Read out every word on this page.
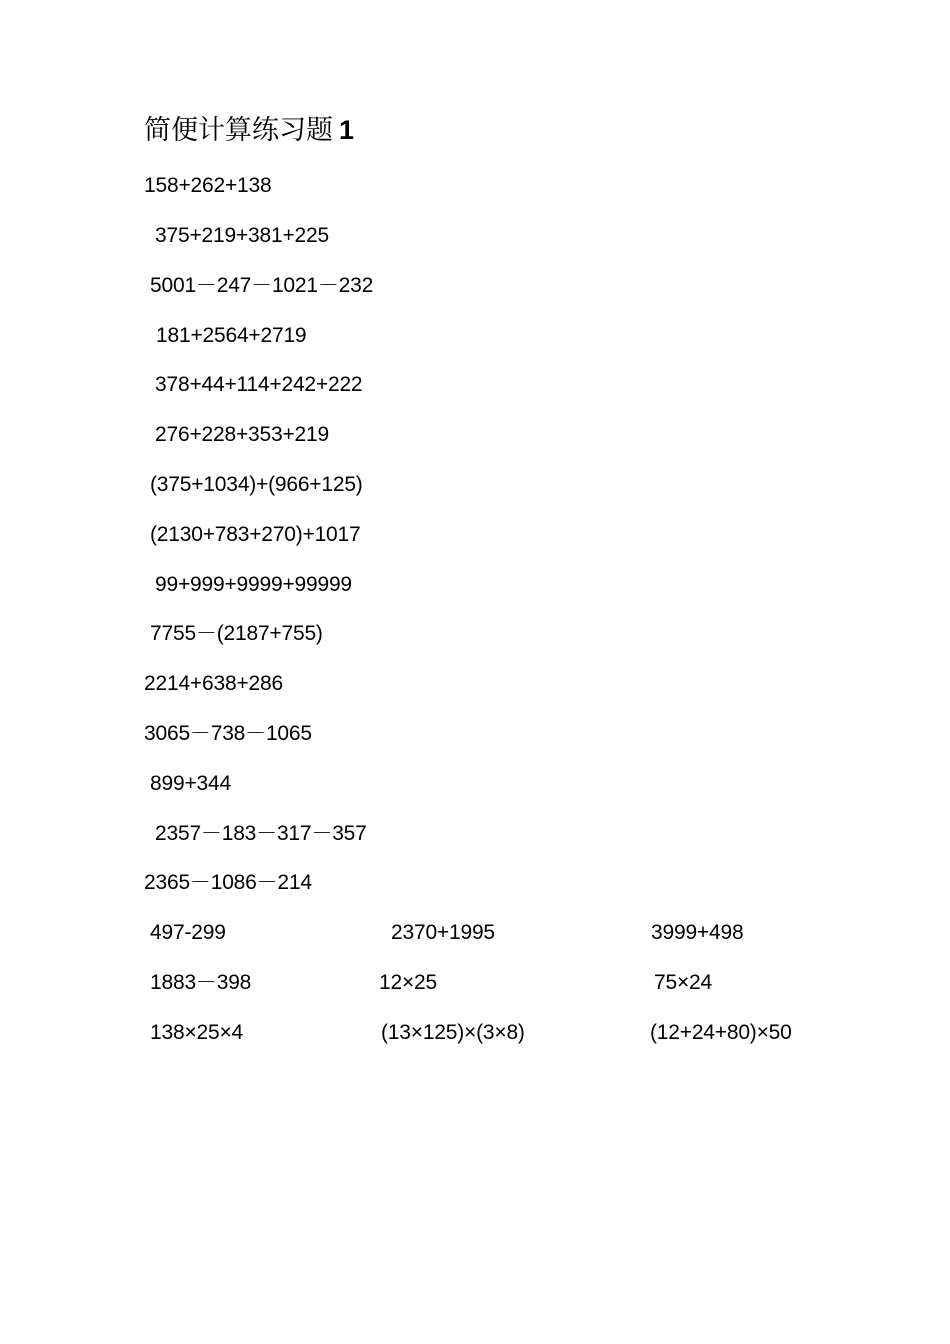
简便计算练习题 1
158+262+138
375+219+381+225
5001－247－1021－232
181+2564+2719
378+44+114+242+222
276+228+353+219
(375+1034)+(966+125)
(2130+783+270)+1017
99+999+9999+99999
7755－(2187+755)
2214+638+286
3065－738－1065
899+344
2357－183－317－357
2365－1086－214
497-299	2370+1995	3999+498
1883－398	12×25	75×24
138×25×4	(13×125)×(3×8)	(12+24+80)×50
